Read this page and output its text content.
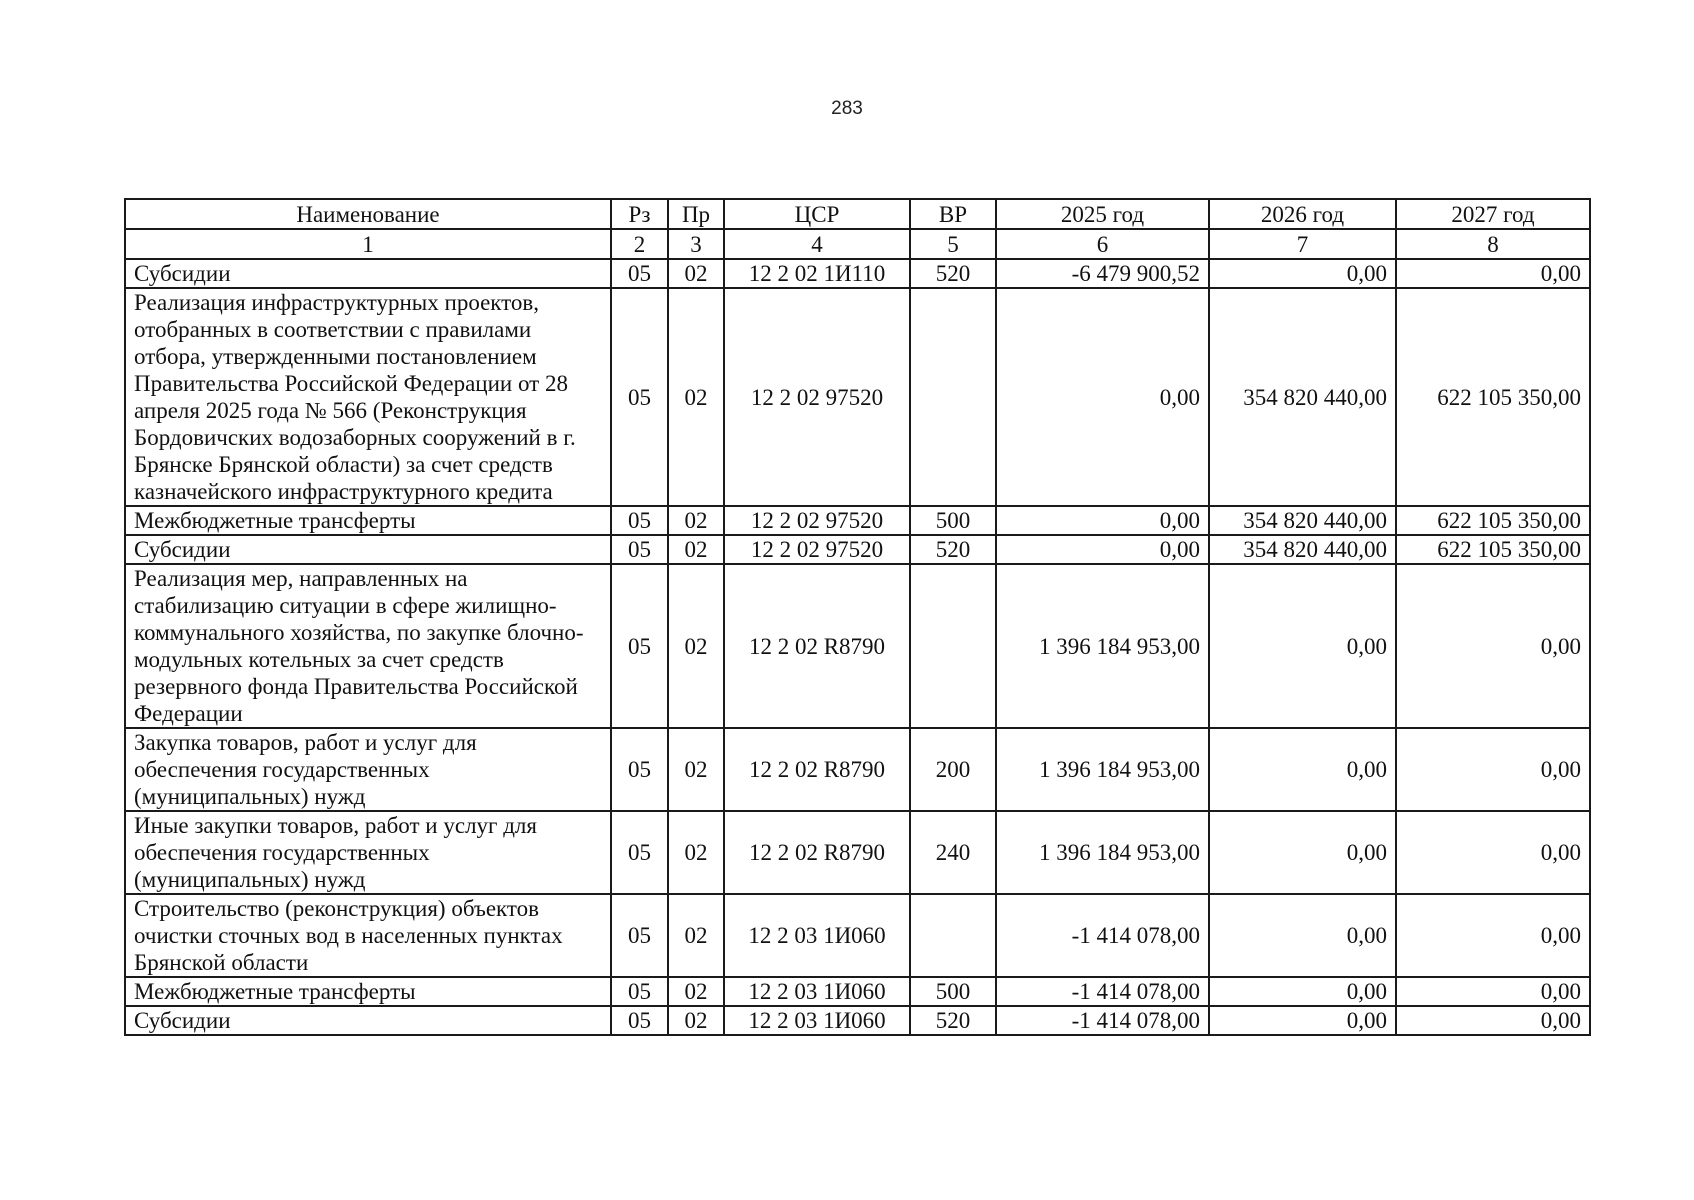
283
Наименование	Рз	Пр	ЦСР	ВР	2025 год	2026 год	2027 год
1	2	3	4	5	6	7	8
Субсидии	05	02	12 2 02 1И110	520	-6 479 900,52	0,00	0,00
Реализация инфраструктурных проектов, отобранных в соответствии с правилами отбора, утвержденными постановлением Правительства Российской Федерации от 28 апреля 2025 года № 566 (Реконструкция Бордовичских водозаборных сооружений в г. Брянске Брянской области) за счет средств казначейского инфраструктурного кредита	05	02	12 2 02 97520		0,00	354 820 440,00	622 105 350,00
Межбюджетные трансферты	05	02	12 2 02 97520	500	0,00	354 820 440,00	622 105 350,00
Субсидии	05	02	12 2 02 97520	520	0,00	354 820 440,00	622 105 350,00
Реализация мер, направленных на стабилизацию ситуации в сфере жилищно-коммунального хозяйства, по закупке блочно-модульных котельных за счет средств резервного фонда Правительства Российской Федерации	05	02	12 2 02 R8790		1 396 184 953,00	0,00	0,00
Закупка товаров, работ и услуг для обеспечения государственных (муниципальных) нужд	05	02	12 2 02 R8790	200	1 396 184 953,00	0,00	0,00
Иные закупки товаров, работ и услуг для обеспечения государственных (муниципальных) нужд	05	02	12 2 02 R8790	240	1 396 184 953,00	0,00	0,00
Строительство (реконструкция) объектов очистки сточных вод в населенных пунктах Брянской области	05	02	12 2 03 1И060		-1 414 078,00	0,00	0,00
Межбюджетные трансферты	05	02	12 2 03 1И060	500	-1 414 078,00	0,00	0,00
Субсидии	05	02	12 2 03 1И060	520	-1 414 078,00	0,00	0,00
